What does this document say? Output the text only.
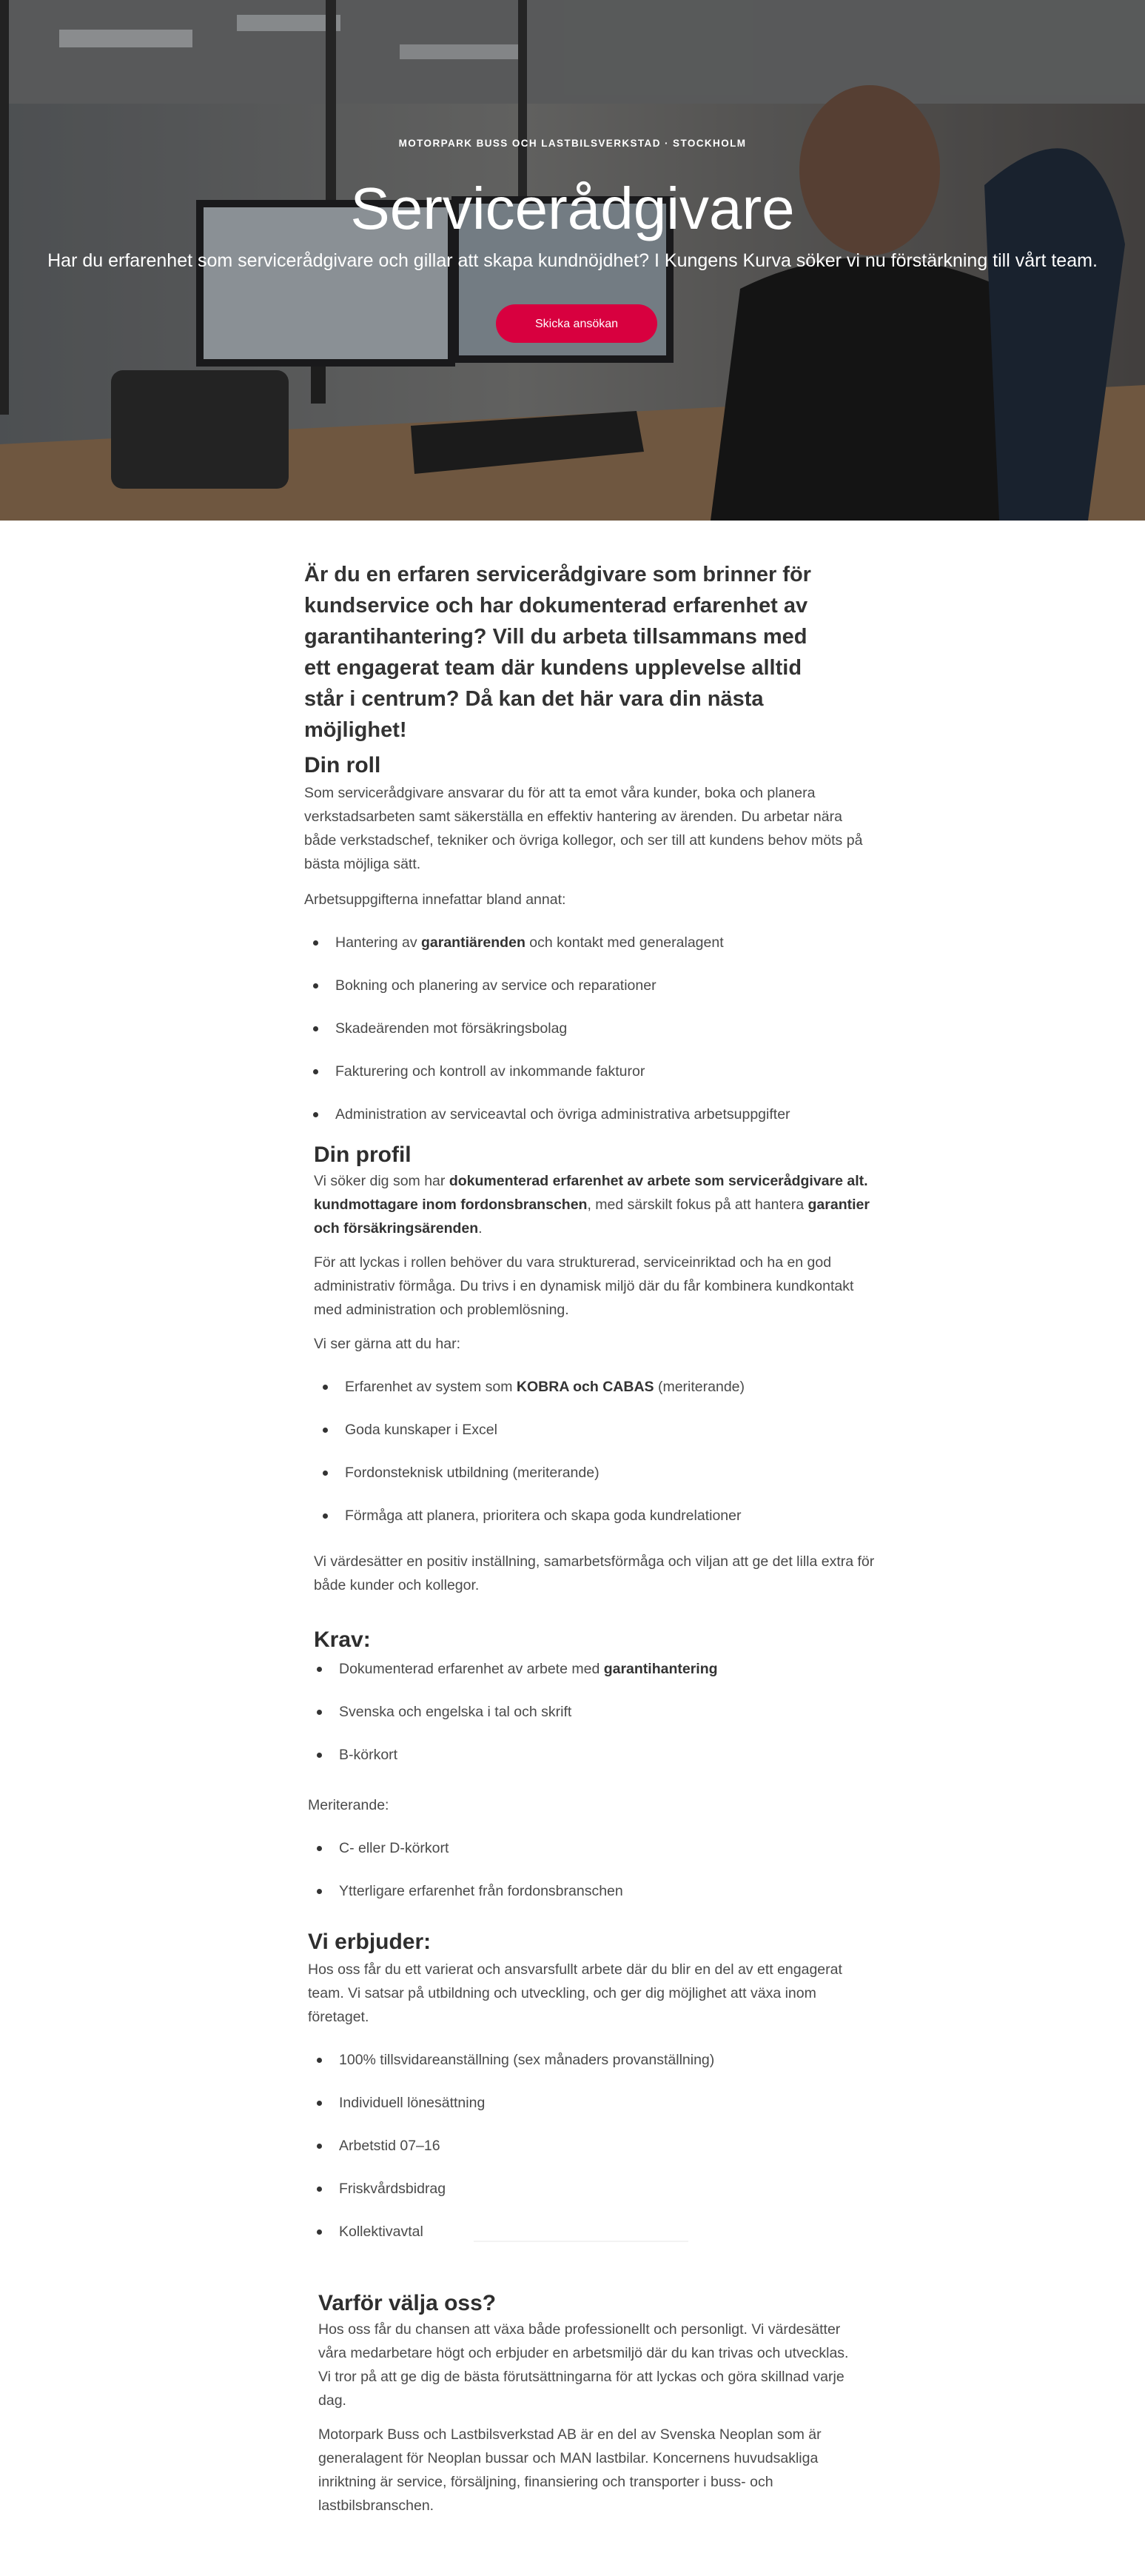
MOTORPARK BUSS OCH LASTBILSVERKSTAD · STOCKHOLM
Servicerådgivare
Har du erfarenhet som servicerådgivare och gillar att skapa kundnöjdhet? I Kungens Kurva söker vi nu förstärkning till vårt team.
Skicka ansökan

Är du en erfaren servicerådgivare som brinner för kundservice och har dokumenterad erfarenhet av garantihantering? Vill du arbeta tillsammans med ett engagerat team där kundens upplevelse alltid står i centrum? Då kan det här vara din nästa möjlighet!

Din roll

Som servicerådgivare ansvarar du för att ta emot våra kunder, boka och planera verkstadsarbeten samt säkerställa en effektiv hantering av ärenden. Du arbetar nära både verkstadschef, tekniker och övriga kollegor, och ser till att kundens behov möts på bästa möjliga sätt.

Arbetsuppgifterna innefattar bland annat:

Hantering av garantiärenden och kontakt med generalagent
Bokning och planering av service och reparationer
Skadeärenden mot försäkringsbolag
Fakturering och kontroll av inkommande fakturor
Administration av serviceavtal och övriga administrativa arbetsuppgifter
Din profil

Vi söker dig som har dokumenterad erfarenhet av arbete som servicerådgivare alt. kundmottagare inom fordonsbranschen, med särskilt fokus på att hantera garantier och försäkringsärenden.

För att lyckas i rollen behöver du vara strukturerad, serviceinriktad och ha en god administrativ förmåga. Du trivs i en dynamisk miljö där du får kombinera kundkontakt med administration och problemlösning.

Vi ser gärna att du har:

Erfarenhet av system som KOBRA och CABAS (meriterande)
Goda kunskaper i Excel
Fordonsteknisk utbildning (meriterande)
Förmåga att planera, prioritera och skapa goda kundrelationer

Vi värdesätter en positiv inställning, samarbetsförmåga och viljan att ge det lilla extra för både kunder och kollegor.

Krav:
Dokumenterad erfarenhet av arbete med garantihantering
Svenska och engelska i tal och skrift
B-körkort

Meriterande:

C- eller D-körkort
Ytterligare erfarenhet från fordonsbranschen
Vi erbjuder:

Hos oss får du ett varierat och ansvarsfullt arbete där du blir en del av ett engagerat team. Vi satsar på utbildning och utveckling, och ger dig möjlighet att växa inom företaget.

100% tillsvidareanställning (sex månaders provanställning)
Individuell lönesättning
Arbetstid 07–16
Friskvårdsbidrag
Kollektivavtal
Varför välja oss?

Hos oss får du chansen att växa både professionellt och personligt. Vi värdesätter våra medarbetare högt och erbjuder en arbetsmiljö där du kan trivas och utvecklas. Vi tror på att ge dig de bästa förutsättningarna för att lyckas och göra skillnad varje dag.

Motorpark Buss och Lastbilsverkstad AB är en del av Svenska Neoplan som är generalagent för Neoplan bussar och MAN lastbilar. Koncernens huvudsakliga inriktning är service, försäljning, finansiering och transporter i buss- och lastbilsbranschen.
